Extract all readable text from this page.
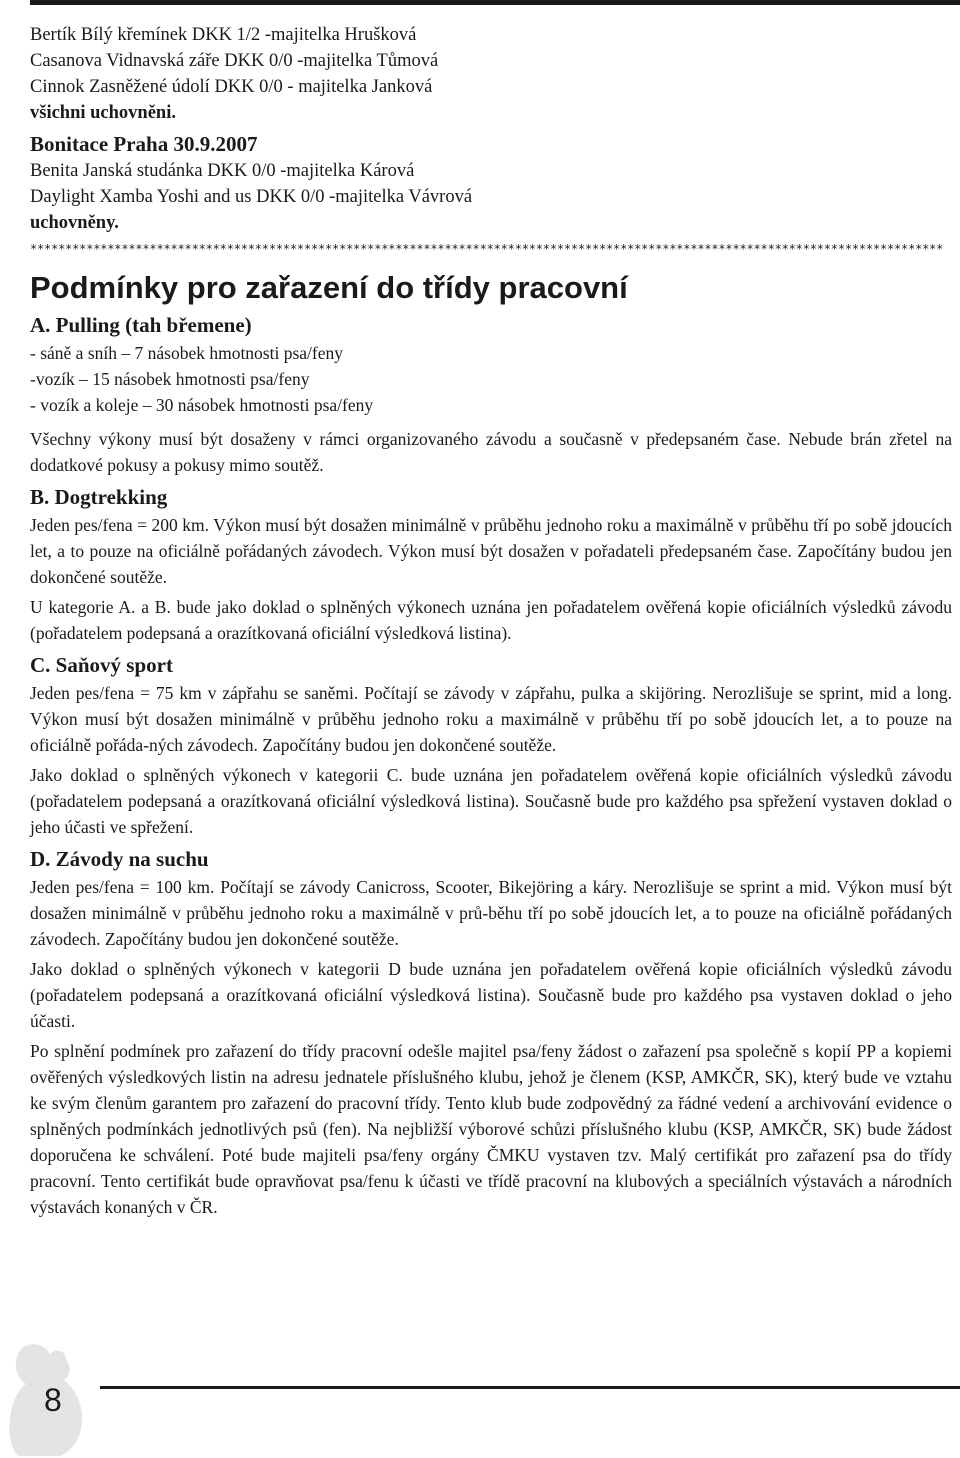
Bertík Bílý křemínek DKK 1/2 -majitelka Hrušková
Casanova Vidnavská záře DKK 0/0 -majitelka Tůmová
Cinnok Zasněžené údolí DKK 0/0 - majitelka Janková
všichni uchovněni.
Bonitace Praha 30.9.2007
Benita Janská studánka DKK 0/0 -majitelka Kárová
Daylight Xamba Yoshi and us DKK 0/0 -majitelka Vávrová
uchovněny.
**********************************************************************************************************************************
Podmínky pro zařazení do třídy pracovní
A. Pulling (tah břemene)
- sáně a sníh – 7 násobek hmotnosti psa/feny
-vozík – 15 násobek hmotnosti psa/feny
- vozík a koleje – 30 násobek hmotnosti psa/feny

Všechny výkony musí být dosaženy v rámci organizovaného závodu a současně v předepsaném čase. Nebude brán zřetel na dodatkové pokusy a pokusy mimo soutěž.

B. Dogtrekking

Jeden pes/fena = 200 km. Výkon musí být dosažen minimálně v průběhu jednoho roku a maximálně v průběhu tří po sobě jdoucích let, a to pouze na oficiálně pořádaných závodech. Výkon musí být dosažen v pořadateli předepsaném čase. Započítány budou jen dokončené soutěže.

U kategorie A. a B. bude jako doklad o splněných výkonech uznána jen pořadatelem ověřená kopie oficiálních výsledků závodu (pořadatelem podepsaná a orazítkovaná oficiální výsledková listina).

C. Saňový sport

Jeden pes/fena = 75 km v zápřahu se saněmi. Počítají se závody v zápřahu, pulka a skijöring. Nerozlišuje se sprint, mid a long. Výkon musí být dosažen minimálně v průběhu jednoho roku a maximálně v průběhu tří po sobě jdoucích let, a to pouze na oficiálně pořáda-ných závodech. Započítány budou jen dokončené soutěže.

Jako doklad o splněných výkonech v kategorii C. bude uznána jen pořadatelem ověřená kopie oficiálních výsledků závodu (pořadatelem podepsaná a orazítkovaná oficiální výsledková listina). Současně bude pro každého psa spřežení vystaven doklad o jeho účasti ve spřežení.

D. Závody na suchu

Jeden pes/fena = 100 km. Počítají se závody Canicross, Scooter, Bikejöring a káry. Nerozlišuje se sprint a mid. Výkon musí být dosažen minimálně v průběhu jednoho roku a maximálně v prů-běhu tří po sobě jdoucích let, a to pouze na oficiálně pořádaných závodech. Započítány budou jen dokončené soutěže.

Jako doklad o splněných výkonech v kategorii D bude uznána jen pořadatelem ověřená kopie oficiálních výsledků závodu (pořadatelem podepsaná a orazítkovaná oficiální výsledková listina). Současně bude pro každého psa vystaven doklad o jeho účasti.

Po splnění podmínek pro zařazení do třídy pracovní odešle majitel psa/feny žádost o zařazení psa společně s kopií PP a kopiemi ověřených výsledkových listin na adresu jednatele příslušného klubu, jehož je členem (KSP, AMKČR, SK), který bude ve vztahu ke svým členům garantem pro zařazení do pracovní třídy. Tento klub bude zodpovědný za řádné vedení a archivování evidence o splněných podmínkách jednotlivých psů (fen). Na nejbližší výborové schůzi příslušného klubu (KSP, AMKČR, SK) bude žádost doporučena ke schválení. Poté bude majiteli psa/feny orgány ČMKU vystaven tzv. Malý certifikát pro zařazení psa do třídy pracovní. Tento certifikát bude opravňovat psa/fenu k účasti ve třídě pracovní na klubových a speciálních výstavách a národních výstavách konaných v ČR.

8
